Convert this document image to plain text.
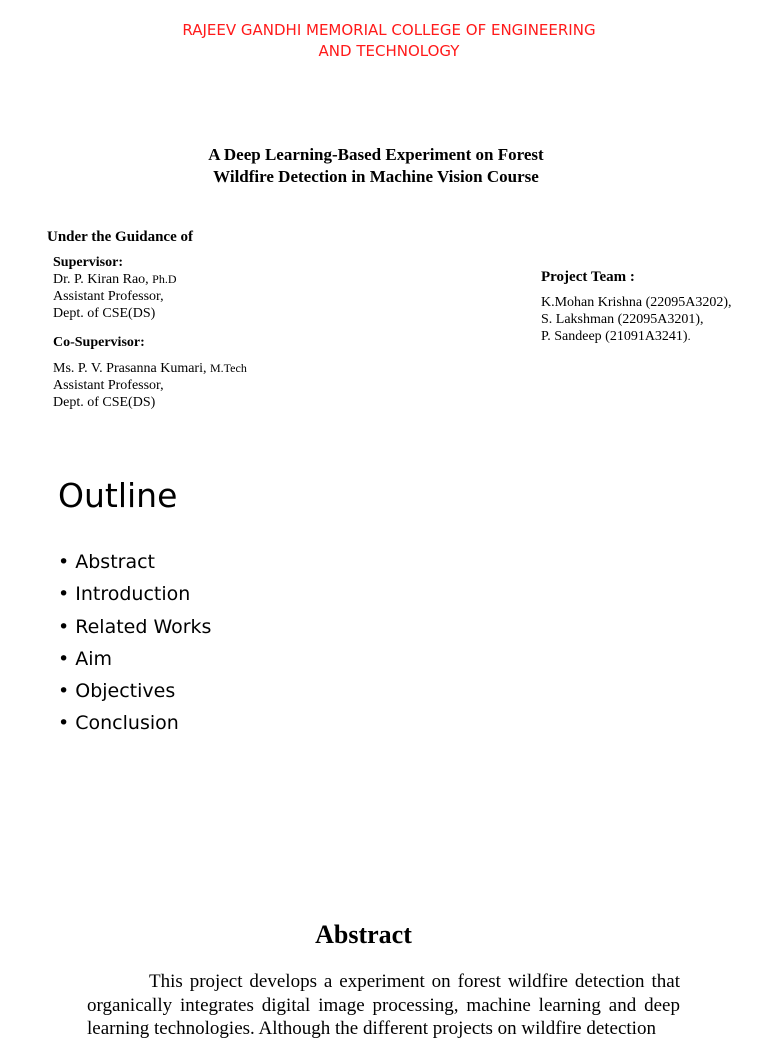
RAJEEV GANDHI MEMORIAL COLLEGE OF ENGINEERING
AND TECHNOLOGY
A Deep Learning-Based Experiment on Forest
Wildfire Detection in Machine Vision Course
Under the Guidance of
Supervisor:
Dr. P. Kiran Rao, Ph.D
Assistant Professor,
Dept. of CSE(DS)
Co-Supervisor:
Ms. P. V. Prasanna Kumari, M.Tech
Assistant Professor,
Dept. of CSE(DS)
Project Team :
K.Mohan Krishna (22095A3202),
S. Lakshman (22095A3201),
P. Sandeep (21091A3241).
Outline
• Abstract
• Introduction
• Related Works
• Aim
• Objectives
• Conclusion
Abstract

This project develops a experiment on forest wildfire detection that organically integrates digital image processing, machine learning and deep learning technologies. Although the different projects on wildfire detection
